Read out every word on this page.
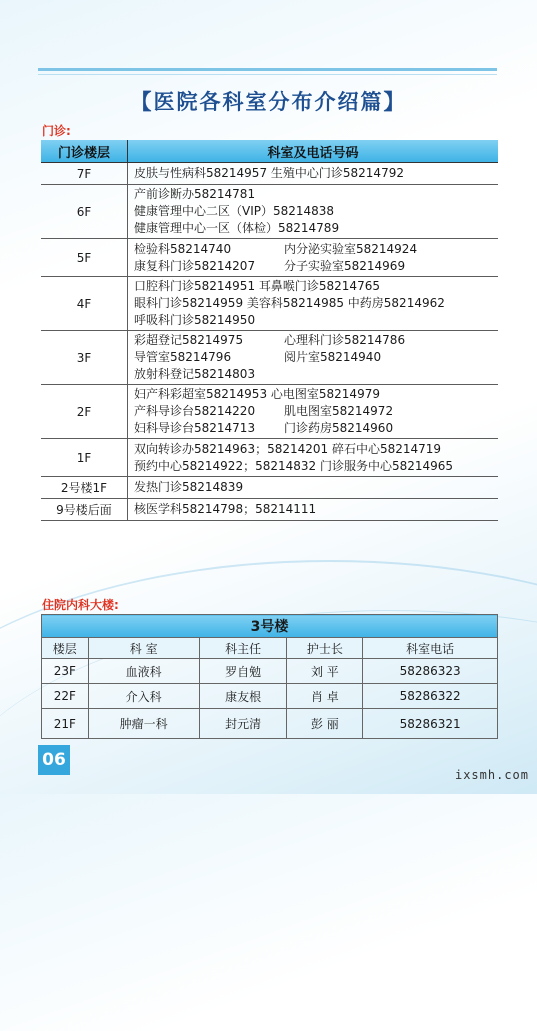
【医院各科室分布介绍篇】
门诊:
门诊楼层	科室及电话号码
7F	皮肤与性病科58214957 生殖中心门诊58214792

6F	产前诊断办58214781
健康管理中心二区（VIP）58214838
健康管理中心一区（体检）58214789

5F	检验科58214740 内分泌实验室58214924
康复科门诊58214207 分子实验室58214969

4F	口腔科门诊58214951 耳鼻喉门诊58214765
眼科门诊58214959 美容科58214985 中药房58214962
呼吸科门诊58214950

3F	彩超登记58214975 心理科门诊58214786
导管室58214796 阅片室58214940
放射科登记58214803

2F	妇产科彩超室58214953 心电图室58214979
产科导诊台58214220 肌电图室58214972
妇科导诊台58214713 门诊药房58214960

1F	双向转诊办58214963；58214201 碎石中心58214719
预约中心58214922；58214832 门诊服务中心58214965

2号楼1F	发热门诊58214839

9号楼后面	核医学科58214798；58214111
住院内科大楼:
3号楼				
楼层	科 室	科主任	护士长	科室电话
23F	血液科	罗自勉	刘 平	58286323
22F	介入科	康友根	肖 卓	58286322
21F	肿瘤一科	封元清	彭 丽	58286321
06
ixsmh.com
